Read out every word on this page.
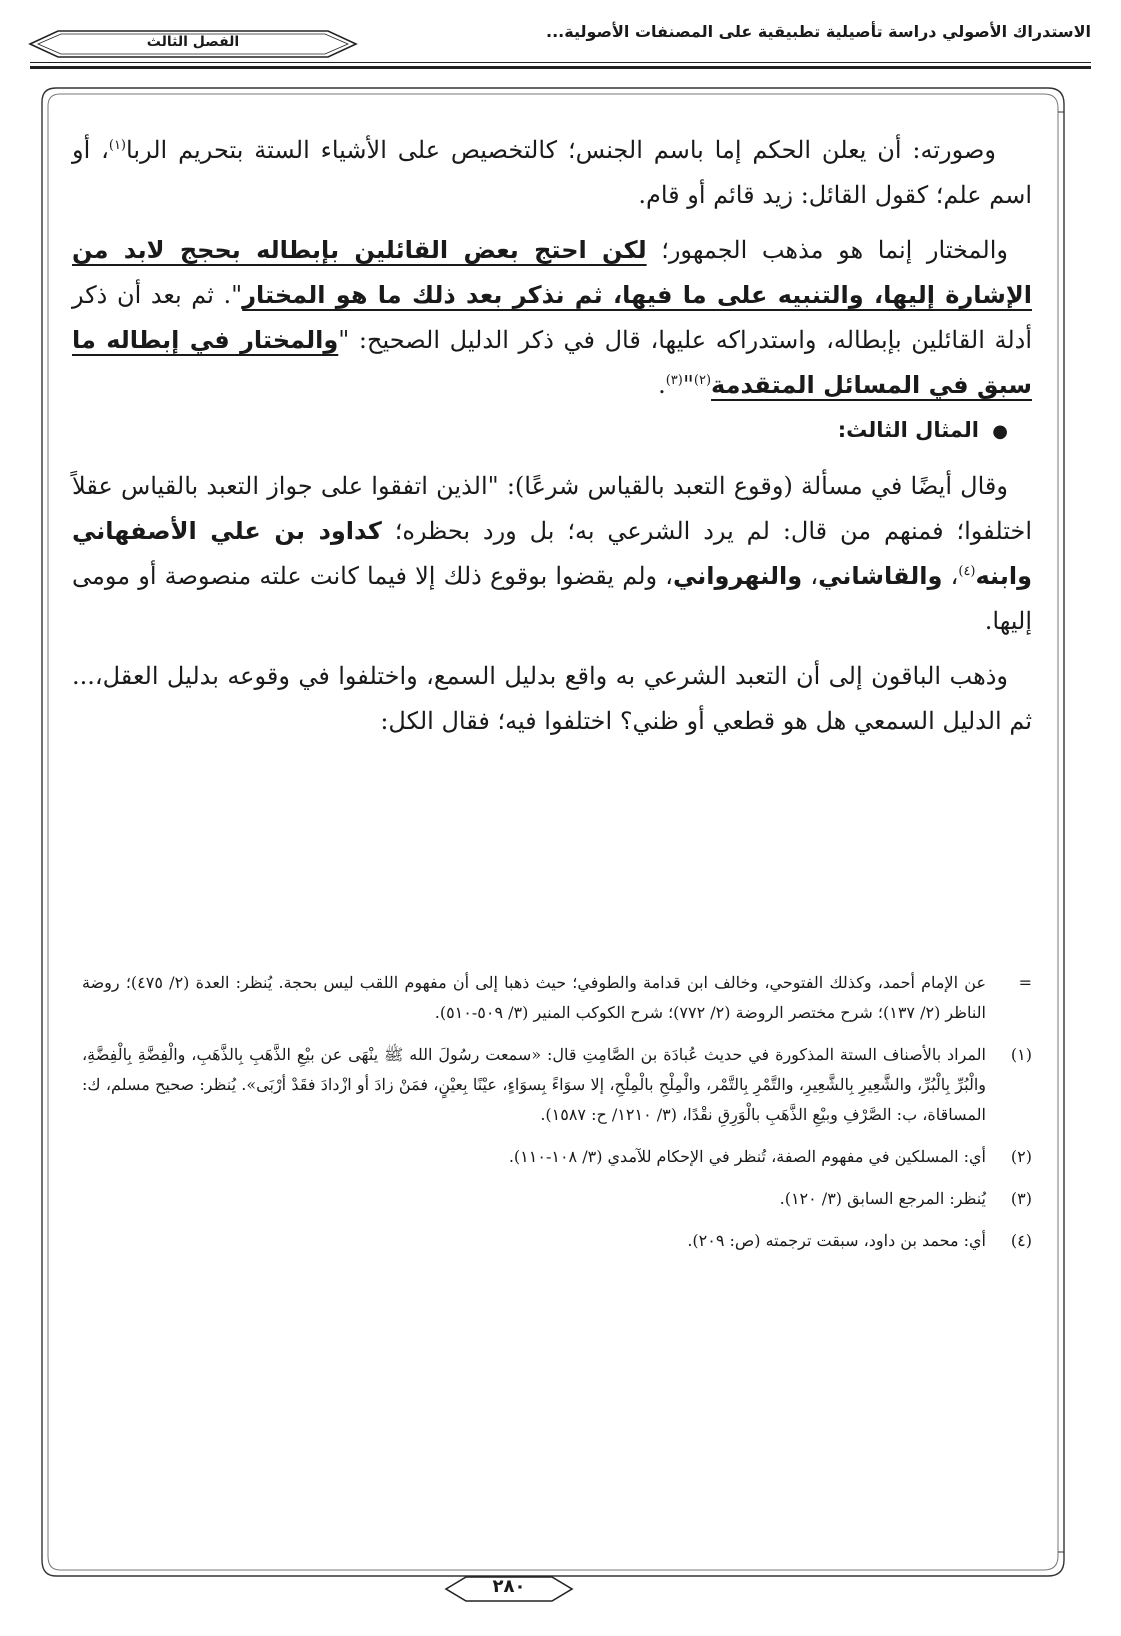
الاستدراك الأصولي دراسة تأصيلية تطبيقية على المصنفات الأصولية...
الفصل الثالث

وصورته: أن يعلن الحكم إما باسم الجنس؛ كالتخصيص على الأشياء الستة بتحريم الربا$^{(١)}$، أو اسم علم؛ كقول القائل: زيد قائم أو قام.

والمختار إنما هو مذهب الجمهور؛ لكن احتج بعض القائلين بإبطاله بحجج لابد من الإشارة إليها، والتنبيه على ما فيها، ثم نذكر بعد ذلك ما هو المختار". ثم بعد أن ذكر أدلة القائلين بإبطاله، واستدراكه عليها، قال في ذكر الدليل الصحيح: "والمختار في إبطاله ما سبق في المسائل المتقدمة$^{(٢)}$"$^{(٣)}$.

● المثال الثالث:

وقال أيضًا في مسألة (وقوع التعبد بالقياس شرعًا): "الذين اتفقوا على جواز التعبد بالقياس عقلاً اختلفوا؛ فمنهم من قال: لم يرد الشرعي به؛ بل ورد بحظره؛ كداود بن علي الأصفهاني وابنه$^{(٤)}$، والقاشاني، والنهرواني، ولم يقضوا بوقوع ذلك إلا فيما كانت علته منصوصة أو مومى إليها.

وذهب الباقون إلى أن التعبد الشرعي به واقع بدليل السمع، واختلفوا في وقوعه بدليل العقل،... ثم الدليل السمعي هل هو قطعي أو ظني؟ اختلفوا فيه؛ فقال الكل:

=
عن الإمام أحمد، وكذلك الفتوحي، وخالف ابن قدامة والطوفي؛ حيث ذهبا إلى أن مفهوم اللقب ليس بحجة. يُنظر: العدة (٢/ ٤٧٥)؛ روضة الناظر (٢/ ١٣٧)؛ شرح مختصر الروضة (٢/ ٧٧٢)؛ شرح الكوكب المنير (٣/ ٥٠٩-٥١٠).
(١)
المراد بالأصناف الستة المذكورة في حديث عُبادَة بن الصَّامِتِ قال: «سمعت رسُولَ الله ﷺ ينْهَى عن بيْعِ الذَّهَبِ بِالذَّهَبِ، والْفِضَّةِ بِالْفِضَّةِ، والْبُرِّ بِالْبُرِّ، والشَّعِيرِ بِالشَّعِيرِ، والتَّمْرِ بِالتَّمْر، والْمِلْحِ بالْمِلْحِ، إلا سوَاءً بِسوَاءٍ، عيْنًا بِعيْنٍ، فمَنْ زادَ أو ازْدادَ فقَدْ أرْبَى». يُنظر: صحيح مسلم، ك: المساقاة، ب: الصَّرْفِ وبيْعِ الذَّهَبِ بالْوَرِقِ نقْدًا، (٣/ ١٢١٠/ ح: ١٥٨٧).
(٢)
أي: المسلكين في مفهوم الصفة، تُنظر في الإحكام للآمدي (٣/ ١٠٨-١١٠).
(٣)
يُنظر: المرجع السابق (٣/ ١٢٠).
(٤)
أي: محمد بن داود، سبقت ترجمته (ص: ٢٠٩).
٢٨٠
